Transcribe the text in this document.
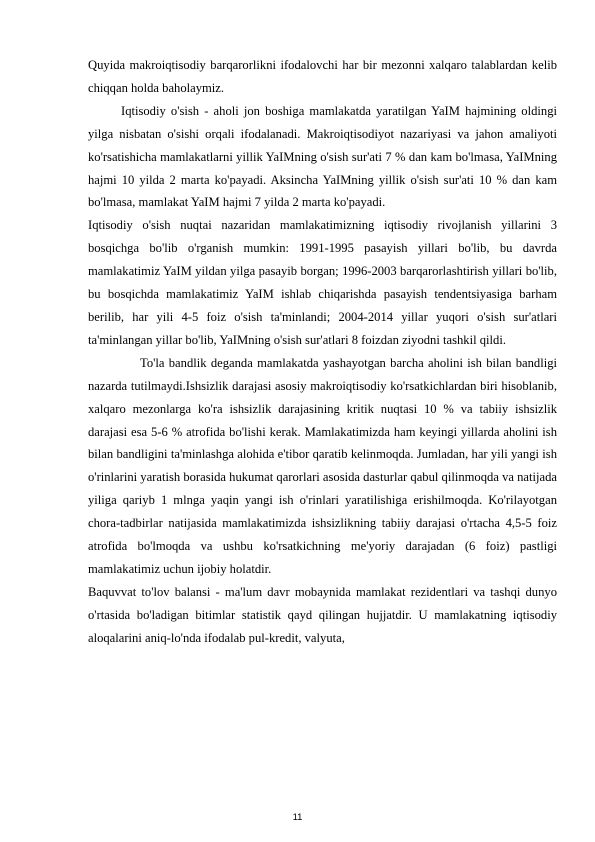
Quyida makroiqtisodiy barqarorlikni ifodalovchi har bir mezonni xalqaro talablardan kelib chiqqan holda baholaymiz.

Iqtisodiy o'sish - aholi jon boshiga mamlakatda yaratilgan YaIM hajmining oldingi yilga nisbatan o'sishi orqali ifodalanadi. Makroiqtisodiyot nazariyasi va jahon amaliyoti ko'rsatishicha mamlakatlarni yillik YaIMning o'sish sur'ati 7 % dan kam bo'lmasa, YaIMning hajmi 10 yilda 2 marta ko'payadi. Aksincha YaIMning yillik o'sish sur'ati 10 % dan kam bo'lmasa, mamlakat YaIM hajmi 7 yilda 2 marta ko'payadi.

Iqtisodiy o'sish nuqtai nazaridan mamlakatimizning iqtisodiy rivojlanish yillarini 3 bosqichga bo'lib o'rganish mumkin: 1991-1995 pasayish yillari bo'lib, bu davrda mamlakatimiz YaIM yildan yilga pasayib borgan; 1996-2003 barqarorlashtirish yillari bo'lib, bu bosqichda mamlakatimiz YaIM ishlab chiqarishda pasayish tendentsiyasiga barham berilib, har yili 4-5 foiz o'sish ta'minlandi; 2004-2014 yillar yuqori o'sish sur'atlari ta'minlangan yillar bo'lib, YaIMning o'sish sur'atlari 8 foizdan ziyodni tashkil qildi.

To'la bandlik deganda mamlakatda yashayotgan barcha aholini ish bilan bandligi nazarda tutilmaydi.Ishsizlik darajasi asosiy makroiqtisodiy ko'rsatkichlardan biri hisoblanib, xalqaro mezonlarga ko'ra ishsizlik darajasining kritik nuqtasi 10 % va tabiiy ishsizlik darajasi esa 5-6 % atrofida bo'lishi kerak. Mamlakatimizda ham keyingi yillarda aholini ish bilan bandligini ta'minlashga alohida e'tibor qaratib kelinmoqda. Jumladan, har yili yangi ish o'rinlarini yaratish borasida hukumat qarorlari asosida dasturlar qabul qilinmoqda va natijada yiliga qariyb 1 mlnga yaqin yangi ish o'rinlari yaratilishiga erishilmoqda. Ko'rilayotgan chora-tadbirlar natijasida mamlakatimizda ishsizlikning tabiiy darajasi o'rtacha 4,5-5 foiz atrofida bo'lmoqda va ushbu ko'rsatkichning me'yoriy darajadan (6 foiz) pastligi mamlakatimiz uchun ijobiy holatdir.

Baquvvat to'lov balansi - ma'lum davr mobaynida mamlakat rezidentlari va tashqi dunyo o'rtasida bo'ladigan bitimlar statistik qayd qilingan hujjatdir. U mamlakatning iqtisodiy aloqalarini aniq-lo'nda ifodalab pul-kredit, valyuta,

11
